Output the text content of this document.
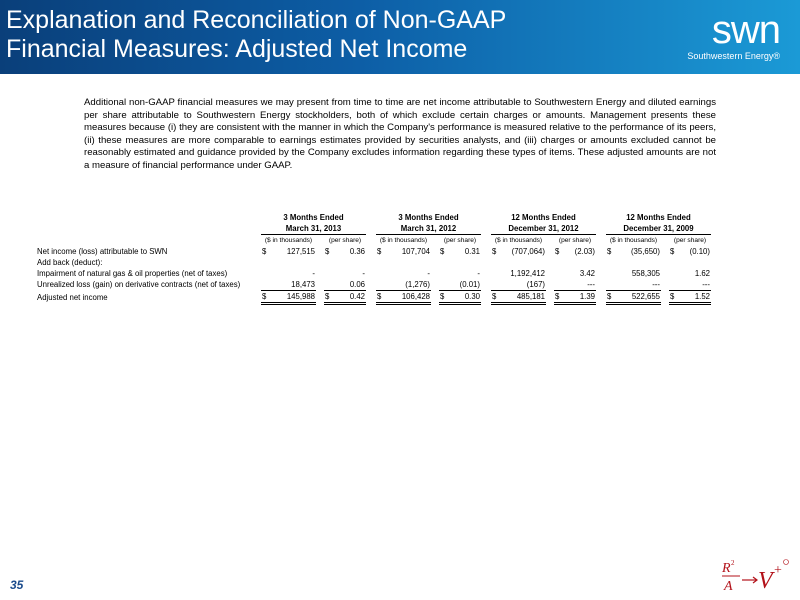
Explanation and Reconciliation of Non-GAAP
Financial Measures: Adjusted Net Income	swn
Southwestern Energy®
Additional non-GAAP financial measures we may present from time to time are net income attributable to Southwestern Energy and diluted earnings per share attributable to Southwestern Energy stockholders, both of which exclude certain charges or amounts. Management presents these measures because (i) they are consistent with the manner in which the Company's performance is measured relative to the performance of its peers, (ii) these measures are more comparable to earnings estimates provided by securities analysts, and (iii) charges or amounts excluded cannot be reasonably estimated and guidance provided by the Company excludes information regarding these types of items. These adjusted amounts are not a measure of financial performance under GAAP.
	3 Months Ended						3 Months Ended						12 Months Ended						12 Months Ended				
	March 31, 2013						March 31, 2012						December 31, 2012						December 31, 2009				
	($ in thousands)			(per share)			($ in thousands)			(per share)			($ in thousands)			(per share)			($ in thousands)			(per share)	
Net income (loss) attributable to SWN	$	127,515		$	0.36		$	107,704		$	0.31		$	(707,064)		$	(2.03)		$	(35,650)		$	(0.10)
Add back (deduct):																							
Impairment of natural gas & oil properties (net of taxes)		-			-			-			-			1,192,412			3.42			558,305			1.62
Unrealized loss (gain) on derivative contracts (net of taxes)		18,473			0.06			(1,276)			(0.01)			(167)			---			---			---
Adjusted net income	$	145,988		$	0.42		$	106,428		$	0.30		$	485,181		$	1.39		$	522,655		$	1.52
35
R 2
A V +
